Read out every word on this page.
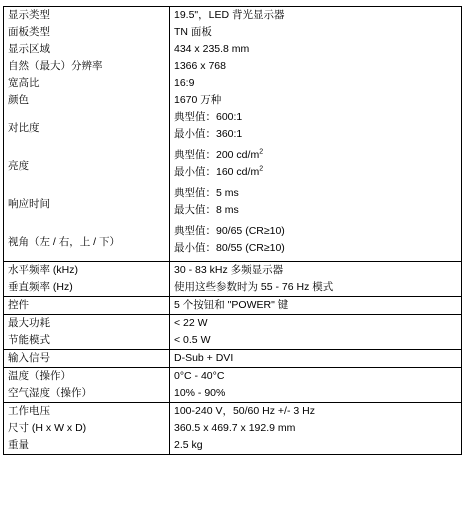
显示类型	19.5"，LED 背光显示器
面板类型	TN 面板
显示区域	434 x 235.8 mm
自然（最大）分辨率	1366 x 768
宽高比	16:9
颜色	1670 万种
对比度	典型值：600:1
最小值：360:1

亮度	典型值：200 $cd/m^2$
最小值：160 $cd/m^2$

响应时间	典型值：5 ms
最大值：8 ms

视角（左 / 右，上 / 下）	典型值：90/65 (CR≥10)
最小值：80/55 (CR≥10)

水平频率 (kHz)	30 - 83 kHz 多频显示器
垂直频率 (Hz)	使用这些参数时为 55 - 76 Hz 模式
控件	5 个按钮和 "POWER" 键
最大功耗	< 22 W
节能模式	< 0.5 W
输入信号	D-Sub + DVI
温度（操作）	0°C - 40°C
空气湿度（操作）	10% - 90%
工作电压	100-240 V，50/60 Hz +/- 3 Hz
尺寸 (H x W x D)	360.5 x 469.7 x 192.9 mm
重量	2.5 kg
